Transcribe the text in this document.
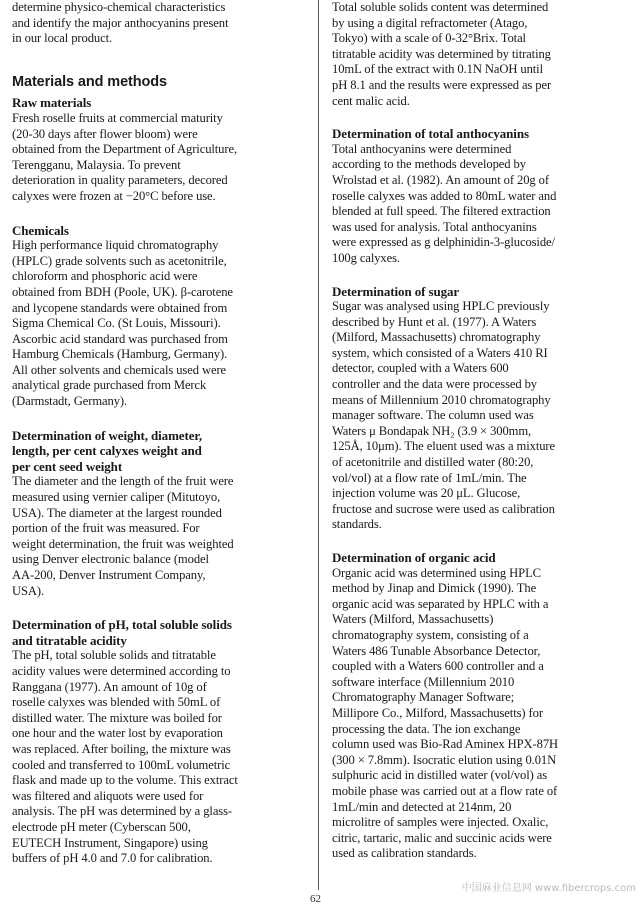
determine physico-chemical characteristics

and identify the major anthocyanins present

in our local product.

Materials and methods

Raw materials

Fresh roselle fruits at commercial maturity

(20-30 days after flower bloom) were

obtained from the Department of Agriculture,

Terengganu, Malaysia. To prevent

deterioration in quality parameters, decored

calyxes were frozen at −20°C before use.

Chemicals

High performance liquid chromatography

(HPLC) grade solvents such as acetonitrile,

chloroform and phosphoric acid were

obtained from BDH (Poole, UK). β-carotene

and lycopene standards were obtained from

Sigma Chemical Co. (St Louis, Missouri).

Ascorbic acid standard was purchased from

Hamburg Chemicals (Hamburg, Germany).

All other solvents and chemicals used were

analytical grade purchased from Merck

(Darmstadt, Germany).

Determination of weight, diameter,

length, per cent calyxes weight and

per cent seed weight

The diameter and the length of the fruit were

measured using vernier caliper (Mitutoyo,

USA). The diameter at the largest rounded

portion of the fruit was measured. For

weight determination, the fruit was weighted

using Denver electronic balance (model

AA-200, Denver Instrument Company,

USA).

Determination of pH, total soluble solids

and titratable acidity

The pH, total soluble solids and titratable

acidity values were determined according to

Ranggana (1977). An amount of 10g of

roselle calyxes was blended with 50mL of

distilled water. The mixture was boiled for

one hour and the water lost by evaporation

was replaced. After boiling, the mixture was

cooled and transferred to 100mL volumetric

flask and made up to the volume. This extract

was filtered and aliquots were used for

analysis. The pH was determined by a glass-

electrode pH meter (Cyberscan 500,

EUTECH Instrument, Singapore) using

buffers of pH 4.0 and 7.0 for calibration.

Total soluble solids content was determined

by using a digital refractometer (Atago,

Tokyo) with a scale of 0-32°Brix. Total

titratable acidity was determined by titrating

10mL of the extract with 0.1N NaOH until

pH 8.1 and the results were expressed as per

cent malic acid.

Determination of total anthocyanins

Total anthocyanins were determined

according to the methods developed by

Wrolstad et al. (1982). An amount of 20g of

roselle calyxes was added to 80mL water and

blended at full speed. The filtered extraction

was used for analysis. Total anthocyanins

were expressed as g delphinidin-3-glucoside/

100g calyxes.

Determination of sugar

Sugar was analysed using HPLC previously

described by Hunt et al. (1977). A Waters

(Milford, Massachusetts) chromatography

system, which consisted of a Waters 410 RI

detector, coupled with a Waters 600

controller and the data were processed by

means of Millennium 2010 chromatography

manager software. The column used was

Waters μ Bondapak NH₂ (3.9 × 300mm,

125Å, 10μm). The eluent used was a mixture

of acetonitrile and distilled water (80:20,

vol/vol) at a flow rate of 1mL/min. The

injection volume was 20 μL. Glucose,

fructose and sucrose were used as calibration

standards.

Determination of organic acid

Organic acid was determined using HPLC

method by Jinap and Dimick (1990). The

organic acid was separated by HPLC with a

Waters (Milford, Massachusetts)

chromatography system, consisting of a

Waters 486 Tunable Absorbance Detector,

coupled with a Waters 600 controller and a

software interface (Millennium 2010

Chromatography Manager Software;

Millipore Co., Milford, Massachusetts) for

processing the data. The ion exchange

column used was Bio-Rad Aminex HPX-87H

(300 × 7.8mm). Isocratic elution using 0.01N

sulphuric acid in distilled water (vol/vol) as

mobile phase was carried out at a flow rate of

1mL/min and detected at 214nm, 20

microlitre of samples were injected. Oxalic,

citric, tartaric, malic and succinic acids were

used as calibration standards.

62
中国麻业信息网 www.fibercrops.com
